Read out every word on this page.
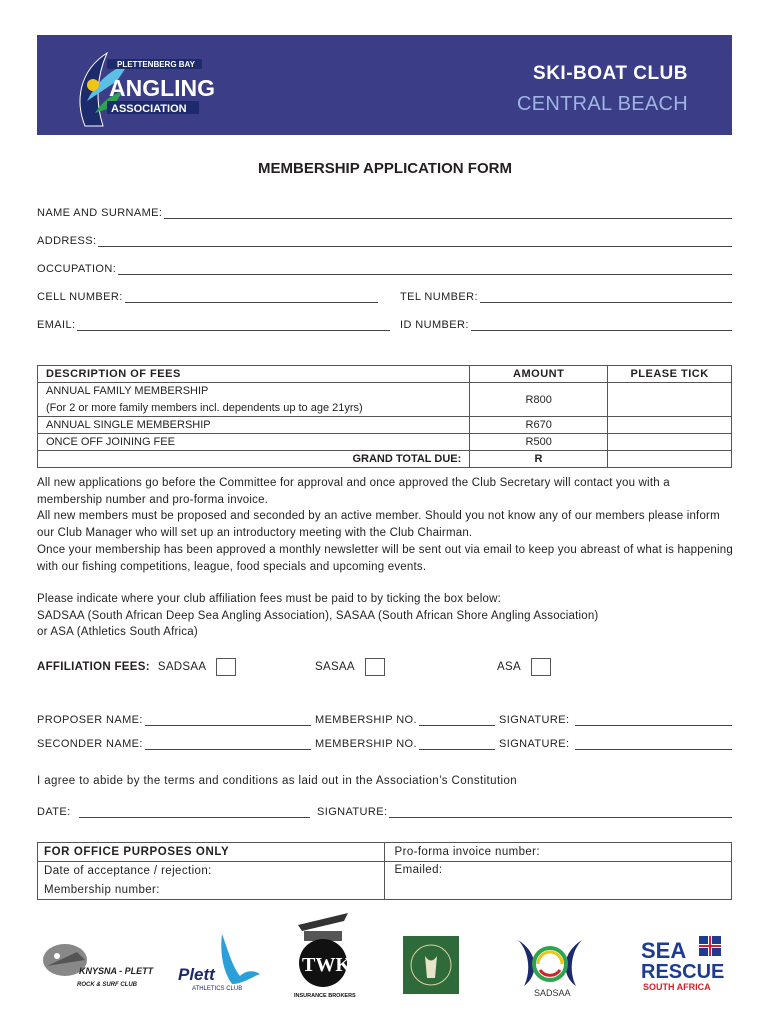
PLETTENBERG BAY
ANGLING
ASSOCIATION
SKI-BOAT CLUB
CENTRAL BEACH
MEMBERSHIP APPLICATION FORM
NAME AND SURNAME:
ADDRESS:
OCCUPATION:
CELL NUMBER:	TEL NUMBER:
EMAIL:	ID NUMBER:
DESCRIPTION OF FEES	AMOUNT	PLEASE TICK
ANNUAL FAMILY MEMBERSHIP	R800	
(For 2 or more family members incl. dependents up to age 21yrs)		
ANNUAL SINGLE MEMBERSHIP	R670	
ONCE OFF JOINING FEE	R500	
GRAND TOTAL DUE:	R	
All new applications go before the Committee for approval and once approved the Club Secretary will contact you with a membership number and pro-forma invoice.
All new members must be proposed and seconded by an active member. Should you not know any of our members please inform our Club Manager who will set up an introductory meeting with the Club Chairman.
Once your membership has been approved a monthly newsletter will be sent out via email to keep you abreast of what is happening with our fishing competitions, league, food specials and upcoming events.
Please indicate where your club affiliation fees must be paid to by ticking the box below:
SADSAA (South African Deep Sea Angling Association), SASAA (South African Shore Angling Association)
or ASA (Athletics South Africa)
AFFILIATION FEES: SADSAA	SASAA	ASA
PROPOSER NAME:	MEMBERSHIP NO.	SIGNATURE:
SECONDER NAME:	MEMBERSHIP NO.	SIGNATURE:
I agree to abide by the terms and conditions as laid out in the Association’s Constitution
DATE:	SIGNATURE:
FOR OFFICE PURPOSES ONLY	Pro-forma invoice number:
Date of acceptance / rejection:	Emailed:
Membership number:	
KNYSNA - PLETT
ROCK & SURF CLUB
Plett
ATHLETICS CLUB
TWK
INSURANCE BROKERS	SADSAA
SEA
RESCUE
SOUTH AFRICA
